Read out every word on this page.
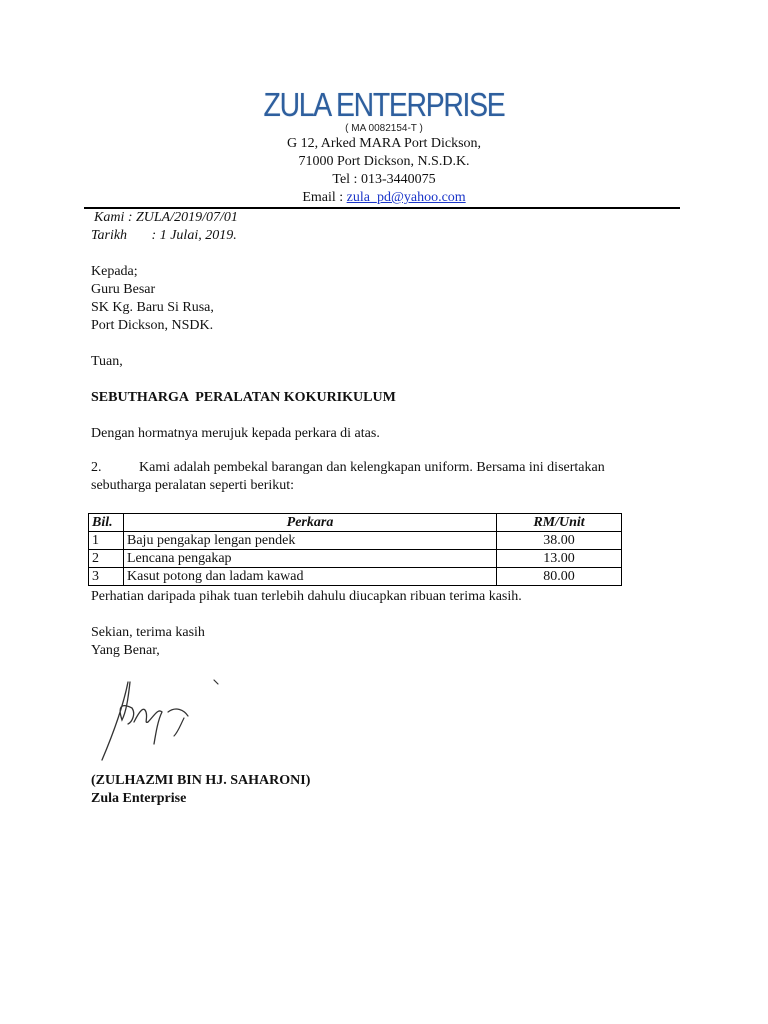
ZULA ENTERPRISE
( MA 0082154-T )
G 12, Arked MARA Port Dickson,
71000 Port Dickson, N.S.D.K.
Tel : 013-3440075
Email : zula_pd@yahoo.com
Kami : ZULA/2019/07/01
Tarikh       : 1 Julai, 2019.
Kepada;
Guru Besar
SK Kg. Baru Si Rusa,
Port Dickson, NSDK.
Tuan,
SEBUTHARGA  PERALATAN KOKURIKULUM
Dengan hormatnya merujuk kepada perkara di atas.
2.	Kami adalah pembekal barangan dan kelengkapan uniform. Bersama ini disertakan
sebutharga peralatan seperti berikut:
Bil.	Perkara	RM/Unit
1	Baju pengakap lengan pendek	38.00
2	Lencana pengakap	13.00
3	Kasut potong dan ladam kawad	80.00
Perhatian daripada pihak tuan terlebih dahulu diucapkan ribuan terima kasih.
Sekian, terima kasih
Yang Benar,
(ZULHAZMI BIN HJ. SAHARONI)
Zula Enterprise
